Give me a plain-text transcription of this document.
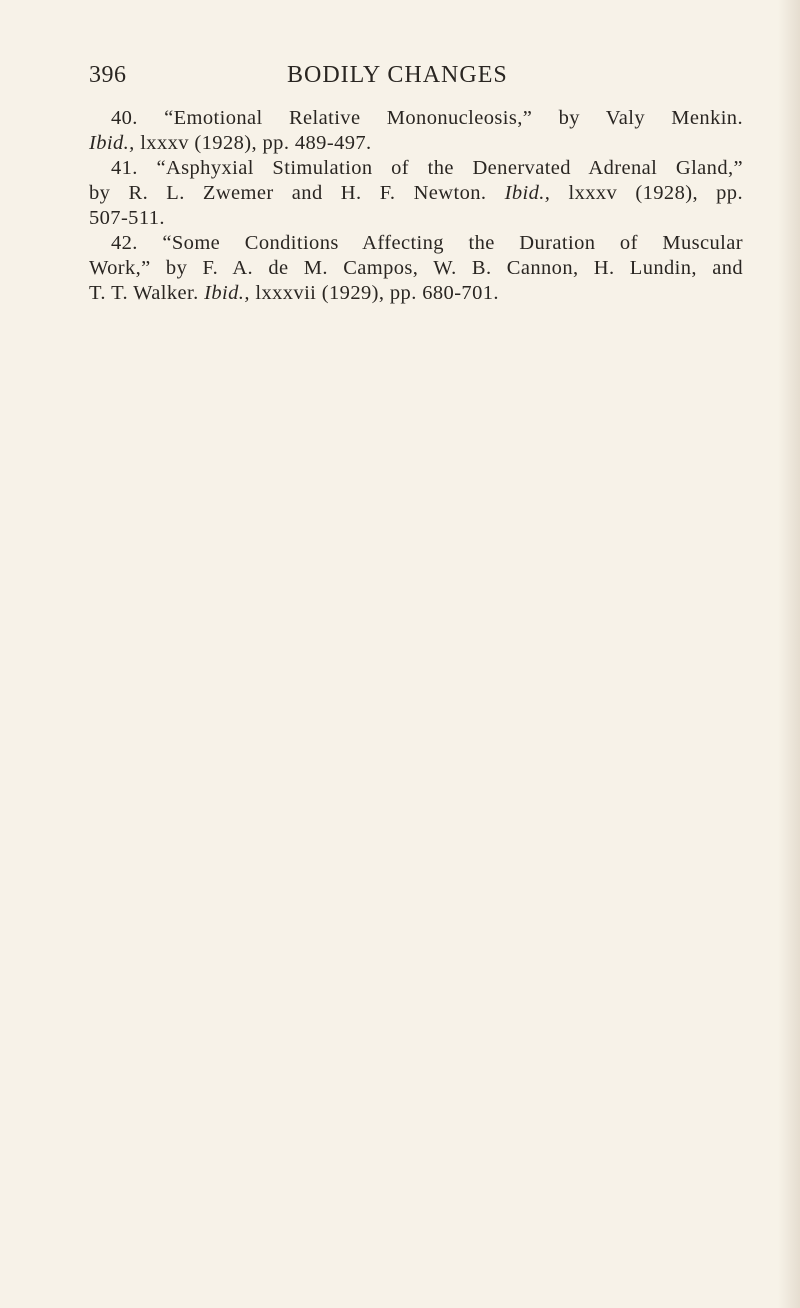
396	BODILY CHANGES

40. “Emotional Relative Mononucleosis,” by Valy Menkin.
Ibid., lxxxv (1928), pp. 489-497.

41. “Asphyxial Stimulation of the Denervated Adrenal Gland,”
by R. L. Zwemer and H. F. Newton. Ibid., lxxxv (1928), pp.
507-511.

42. “Some Conditions Affecting the Duration of Muscular
Work,” by F. A. de M. Campos, W. B. Cannon, H. Lundin, and
T. T. Walker. Ibid., lxxxvii (1929), pp. 680-701.
